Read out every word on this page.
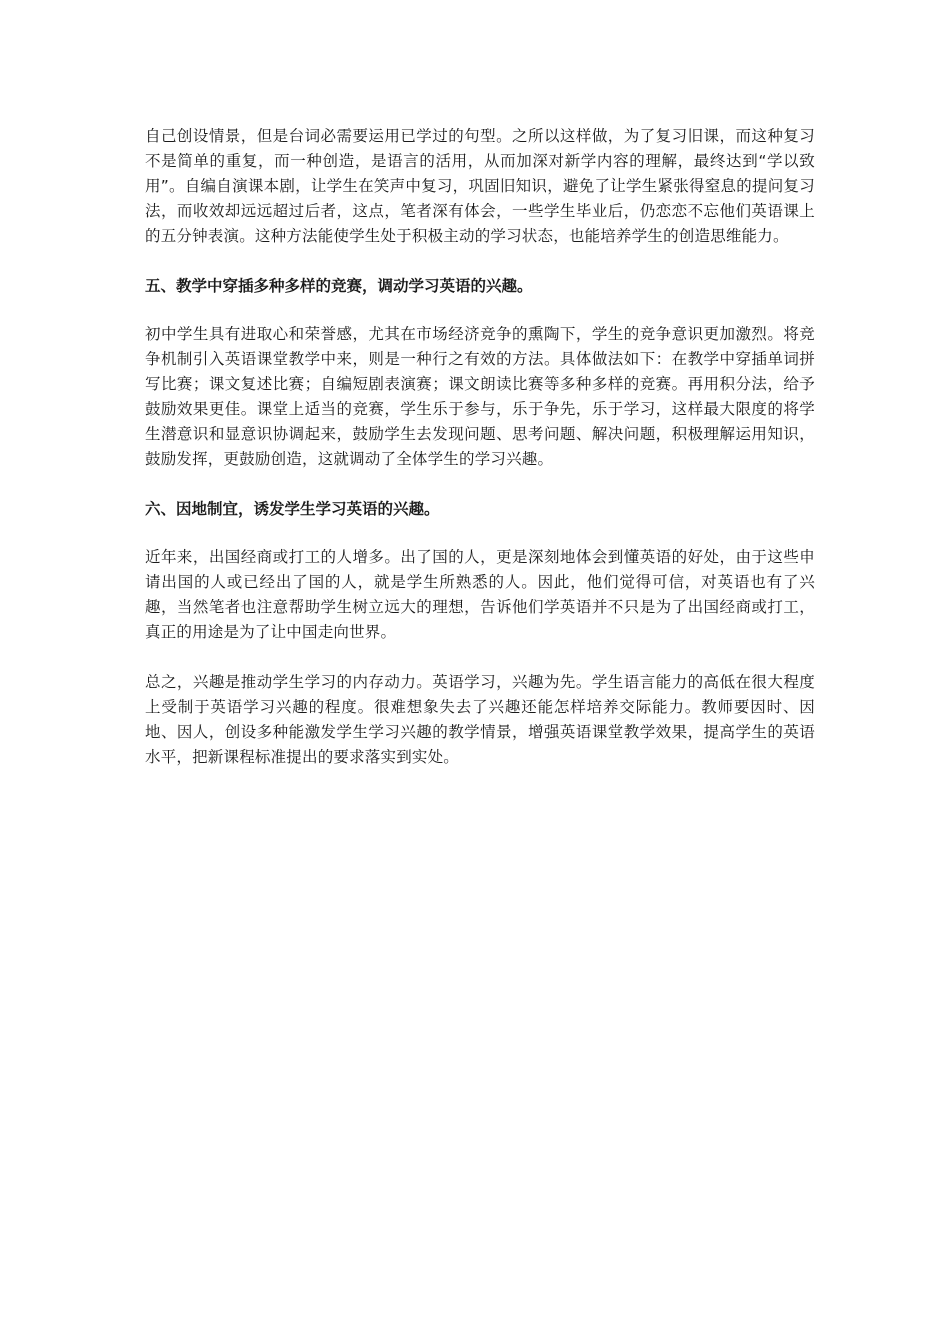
自己创设情景，但是台词必需要运用已学过的句型。之所以这样做，为了复习旧课，而这种复习不是简单的重复，而一种创造，是语言的活用，从而加深对新学内容的理解，最终达到“学以致用”。自编自演课本剧，让学生在笑声中复习，巩固旧知识，避免了让学生紧张得窒息的提问复习法，而收效却远远超过后者，这点，笔者深有体会，一些学生毕业后，仍恋恋不忘他们英语课上的五分钟表演。这种方法能使学生处于积极主动的学习状态，也能培养学生的创造思维能力。

五、教学中穿插多种多样的竞赛，调动学习英语的兴趣。

初中学生具有进取心和荣誉感，尤其在市场经济竞争的熏陶下，学生的竞争意识更加激烈。将竞争机制引入英语课堂教学中来，则是一种行之有效的方法。具体做法如下：在教学中穿插单词拼写比赛；课文复述比赛；自编短剧表演赛；课文朗读比赛等多种多样的竞赛。再用积分法，给予鼓励效果更佳。课堂上适当的竞赛，学生乐于参与，乐于争先，乐于学习，这样最大限度的将学生潜意识和显意识协调起来，鼓励学生去发现问题、思考问题、解决问题，积极理解运用知识，鼓励发挥，更鼓励创造，这就调动了全体学生的学习兴趣。

六、因地制宜，诱发学生学习英语的兴趣。

近年来，出国经商或打工的人增多。出了国的人，更是深刻地体会到懂英语的好处，由于这些申请出国的人或已经出了国的人，就是学生所熟悉的人。因此，他们觉得可信，对英语也有了兴趣，当然笔者也注意帮助学生树立远大的理想，告诉他们学英语并不只是为了出国经商或打工，真正的用途是为了让中国走向世界。

总之，兴趣是推动学生学习的内存动力。英语学习，兴趣为先。学生语言能力的高低在很大程度上受制于英语学习兴趣的程度。很难想象失去了兴趣还能怎样培养交际能力。教师要因时、因地、因人，创设多种能激发学生学习兴趣的教学情景，增强英语课堂教学效果，提高学生的英语水平，把新课程标准提出的要求落实到实处。
